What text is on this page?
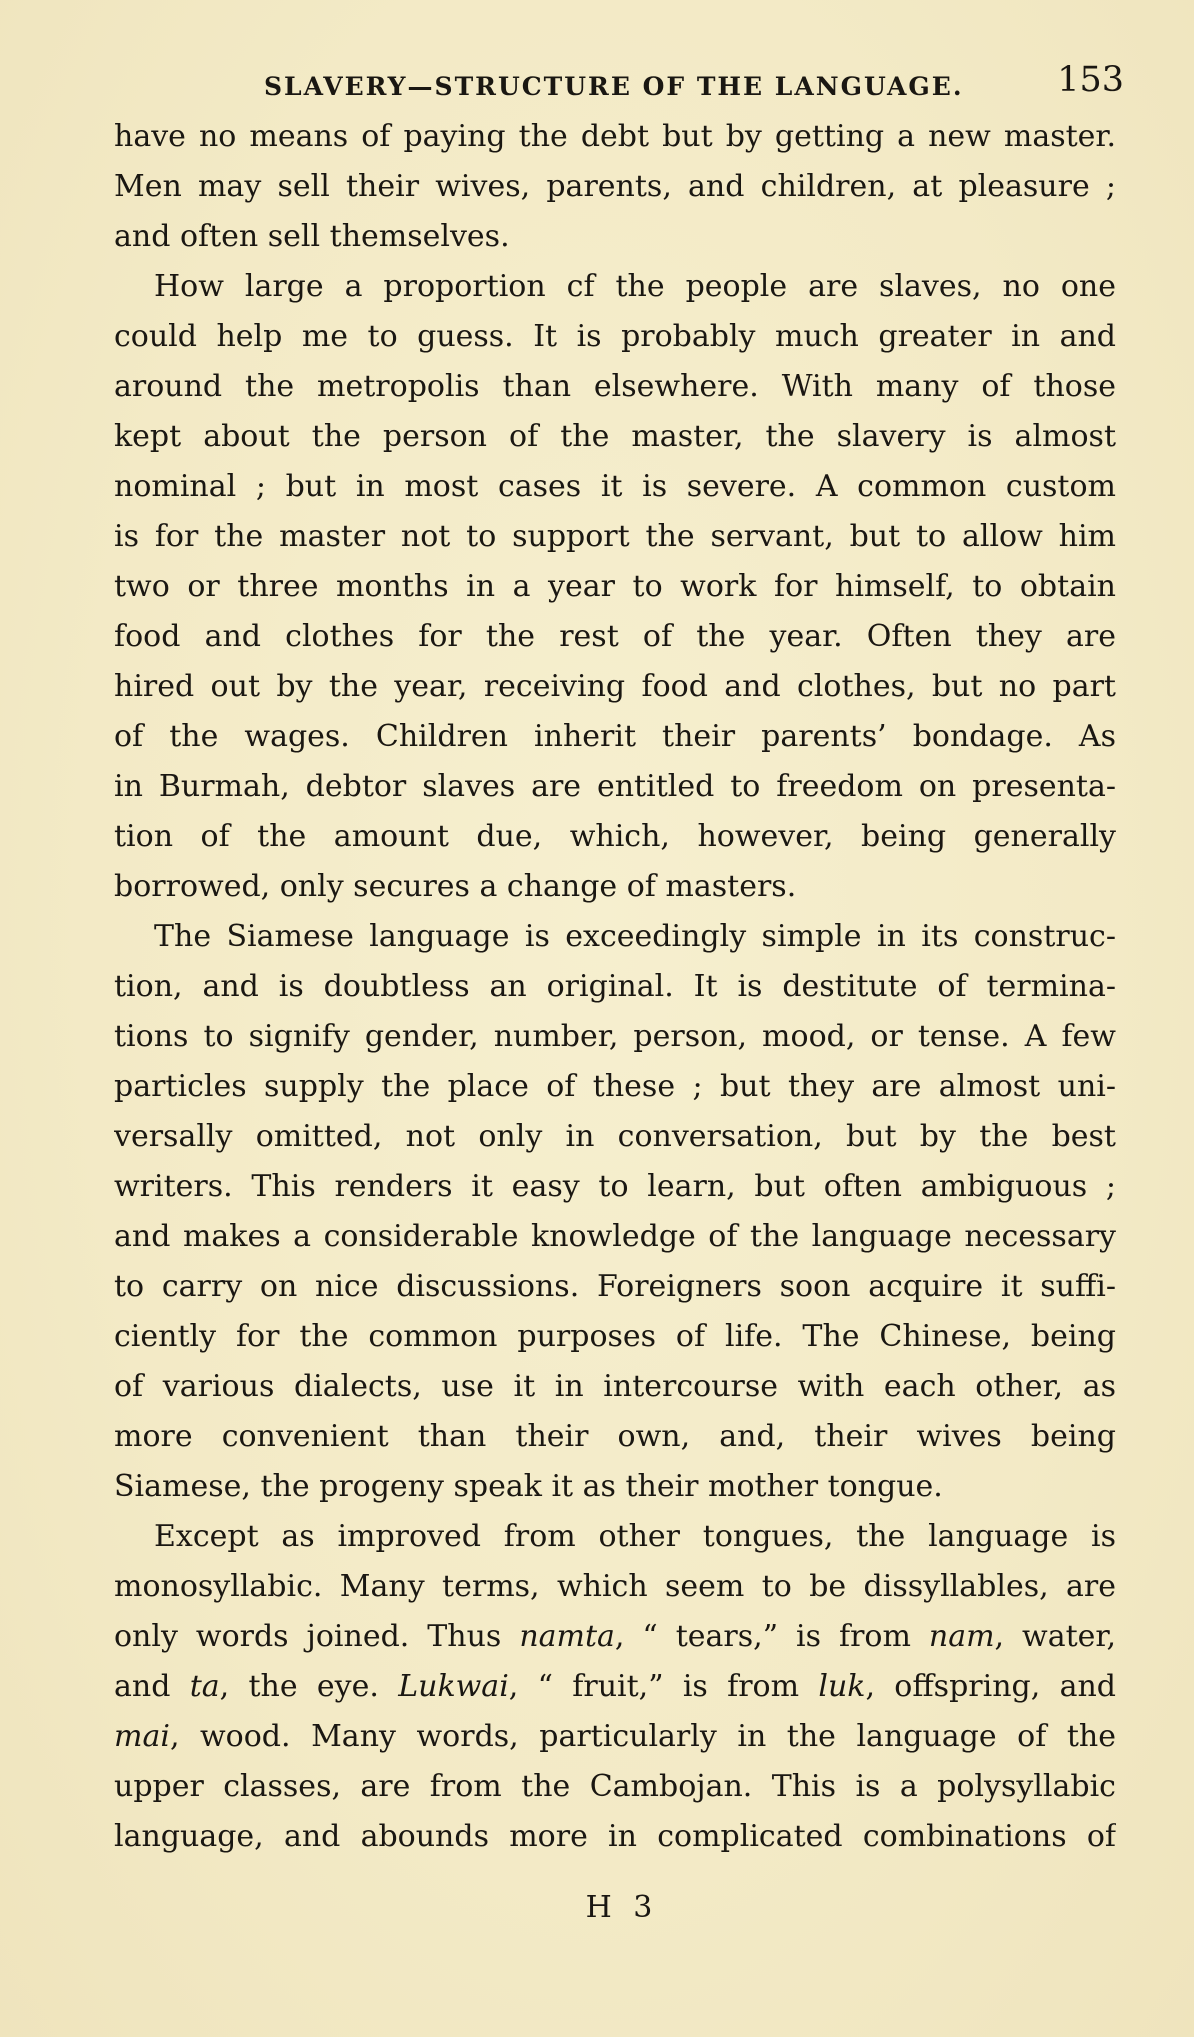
SLAVERY—STRUCTURE OF THE LANGUAGE.	153
have no means of paying the debt but by getting a new master.
Men may sell their wives, parents, and children, at pleasure ;
and often sell themselves.
How large a proportion cf the people are slaves, no one
could help me to guess. It is probably much greater in and
around the metropolis than elsewhere. With many of those
kept about the person of the master, the slavery is almost
nominal ; but in most cases it is severe. A common custom
is for the master not to support the servant, but to allow him
two or three months in a year to work for himself, to obtain
food and clothes for the rest of the year. Often they are
hired out by the year, receiving food and clothes, but no part
of the wages. Children inherit their parents’ bondage. As
in Burmah, debtor slaves are entitled to freedom on presenta-
tion of the amount due, which, however, being generally
borrowed, only secures a change of masters.
The Siamese language is exceedingly simple in its construc-
tion, and is doubtless an original. It is destitute of termina-
tions to signify gender, number, person, mood, or tense. A few
particles supply the place of these ; but they are almost uni-
versally omitted, not only in conversation, but by the best
writers. This renders it easy to learn, but often ambiguous ;
and makes a considerable knowledge of the language necessary
to carry on nice discussions. Foreigners soon acquire it suffi-
ciently for the common purposes of life. The Chinese, being
of various dialects, use it in intercourse with each other, as
more convenient than their own, and, their wives being
Siamese, the progeny speak it as their mother tongue.
Except as improved from other tongues, the language is
monosyllabic. Many terms, which seem to be dissyllables, are
only words joined. Thus namta, “ tears,” is from nam, water,
and ta, the eye. Lukwai, “ fruit,” is from luk, offspring, and
mai, wood. Many words, particularly in the language of the
upper classes, are from the Cambojan. This is a polysyllabic
language, and abounds more in complicated combinations of
H 3
